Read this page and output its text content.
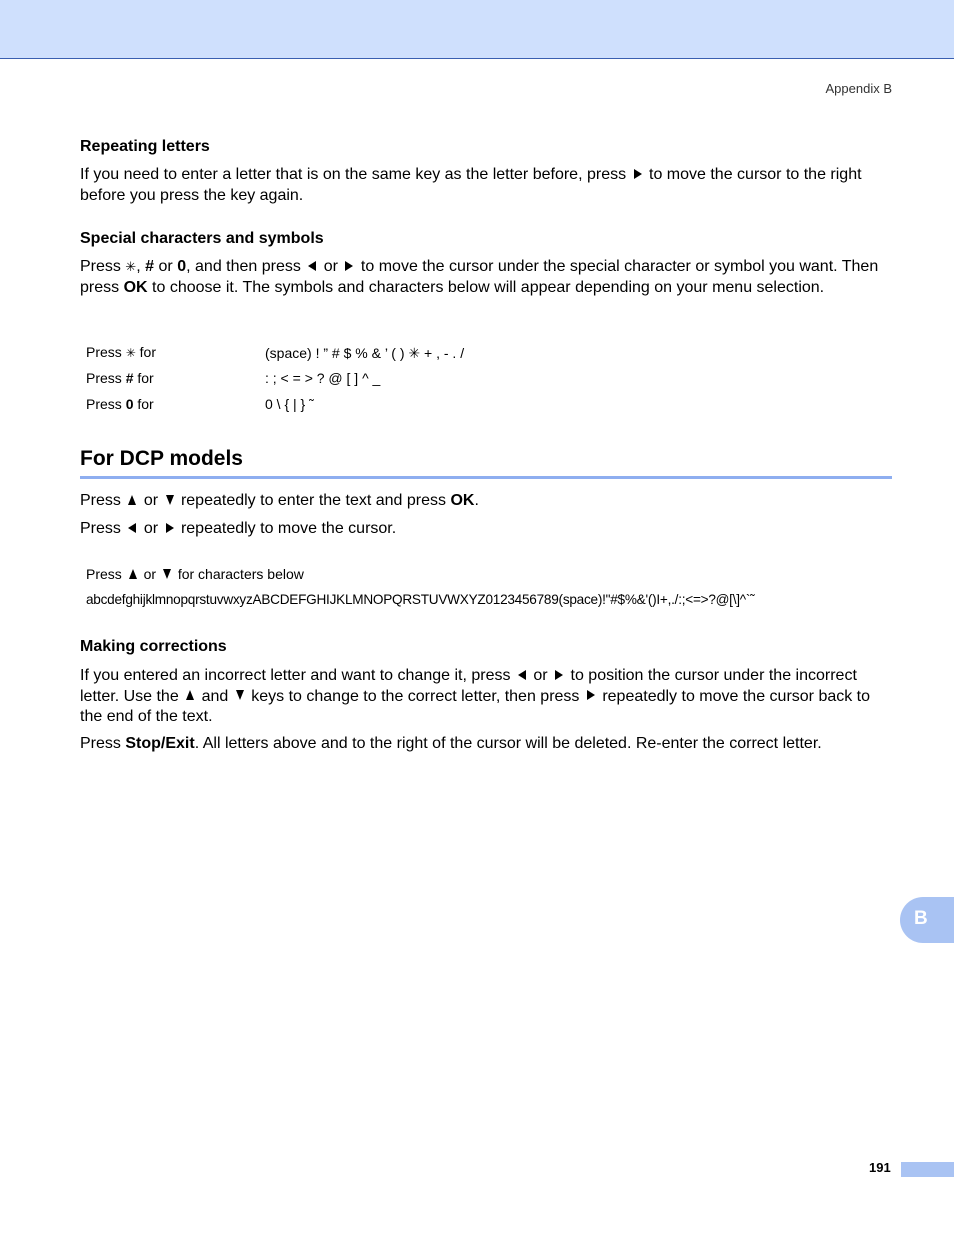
Appendix B
Repeating letters
If you need to enter a letter that is on the same key as the letter before, press to move the cursor to the right before you press the key again.
Special characters and symbols
Press ✳, # or 0, and then press or to move the cursor under the special character or symbol you want. Then press OK to choose it. The symbols and characters below will appear depending on your menu selection.
Press ✳ for	(space) ! ” # $ % & ’ ( ) ✳ + , - . /
Press # for	: ; < = > ? @ [ ] ^ _
Press 0 for	0 \ { | } ˜
For DCP models
Press or repeatedly to enter the text and press OK.
Press or repeatedly to move the cursor.
Press or for characters below
abcdefghijklmnopqrstuvwxyzABCDEFGHIJKLMNOPQRSTUVWXYZ0123456789(space)!"#$%&'()I+,./:;<=>?@[\]^`˜
Making corrections
If you entered an incorrect letter and want to change it, press or to position the cursor under the incorrect letter. Use the and keys to change to the correct letter, then press repeatedly to move the cursor back to the end of the text.
Press Stop/Exit. All letters above and to the right of the cursor will be deleted. Re-enter the correct letter.
B
191
